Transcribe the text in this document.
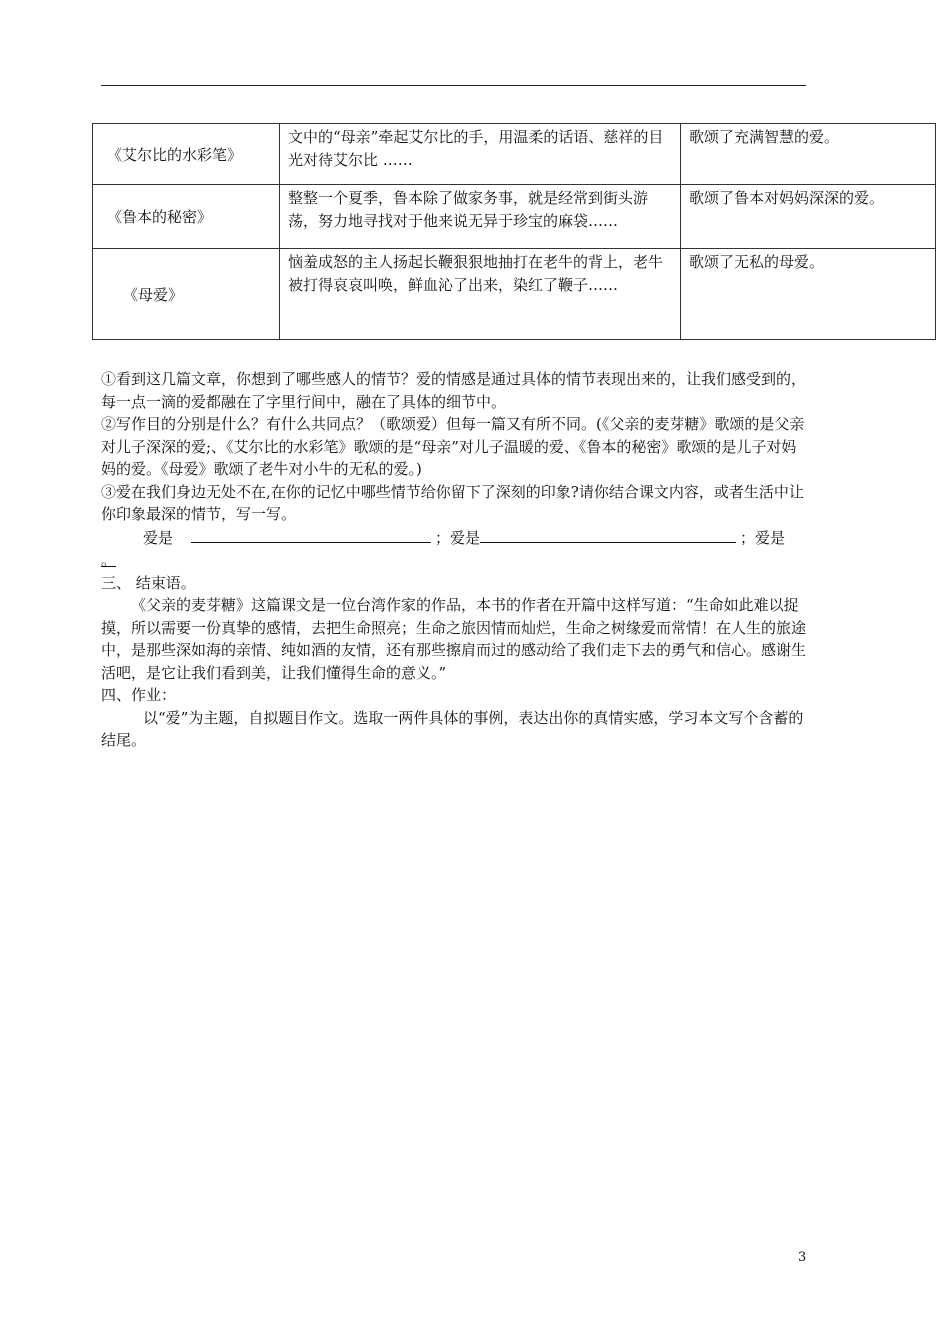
《艾尔比的水彩笔》	文中的“母亲”牵起艾尔比的手，用温柔的话语、慈祥的目光对待艾尔比 ……	歌颂了充满智慧的爱。
《鲁本的秘密》	整整一个夏季，鲁本除了做家务事，就是经常到街头游荡，努力地寻找对于他来说无异于珍宝的麻袋……	歌颂了鲁本对妈妈深深的爱。
《母爱》	恼羞成怒的主人扬起长鞭狠狠地抽打在老牛的背上，老牛被打得哀哀叫唤，鲜血沁了出来，染红了鞭子……	歌颂了无私的母爱。

①看到这几篇文章，你想到了哪些感人的情节？爱的情感是通过具体的情节表现出来的，让我们感受到的，每一点一滴的爱都融在了字里行间中，融在了具体的细节中。

②写作目的分别是什么？有什么共同点？（歌颂爱）但每一篇又有所不同。(《父亲的麦芽糖》歌颂的是父亲对儿子深深的爱;、《艾尔比的水彩笔》歌颂的是“母亲”对儿子温暖的爱、《鲁本的秘密》歌颂的是儿子对妈妈的爱。《母爱》歌颂了老牛对小牛的无私的爱。)

③爱在我们身边无处不在,在你的记忆中哪些情节给你留下了深刻的印象?请你结合课文内容，或者生活中让你印象最深的情节，写一写。

爱是	；爱是	；爱是

。

三、 结束语。

《父亲的麦芽糖》这篇课文是一位台湾作家的作品，本书的作者在开篇中这样写道：“生命如此难以捉摸，所以需要一份真挚的感情，去把生命照亮；生命之旅因情而灿烂，生命之树缘爱而常情！在人生的旅途中，是那些深如海的亲情、纯如酒的友情，还有那些擦肩而过的感动给了我们走下去的勇气和信心。感谢生活吧，是它让我们看到美，让我们懂得生命的意义。”

四、作业：

以“爱”为主题，自拟题目作文。选取一两件具体的事例，表达出你的真情实感，学习本文写个含蓄的结尾。

3
